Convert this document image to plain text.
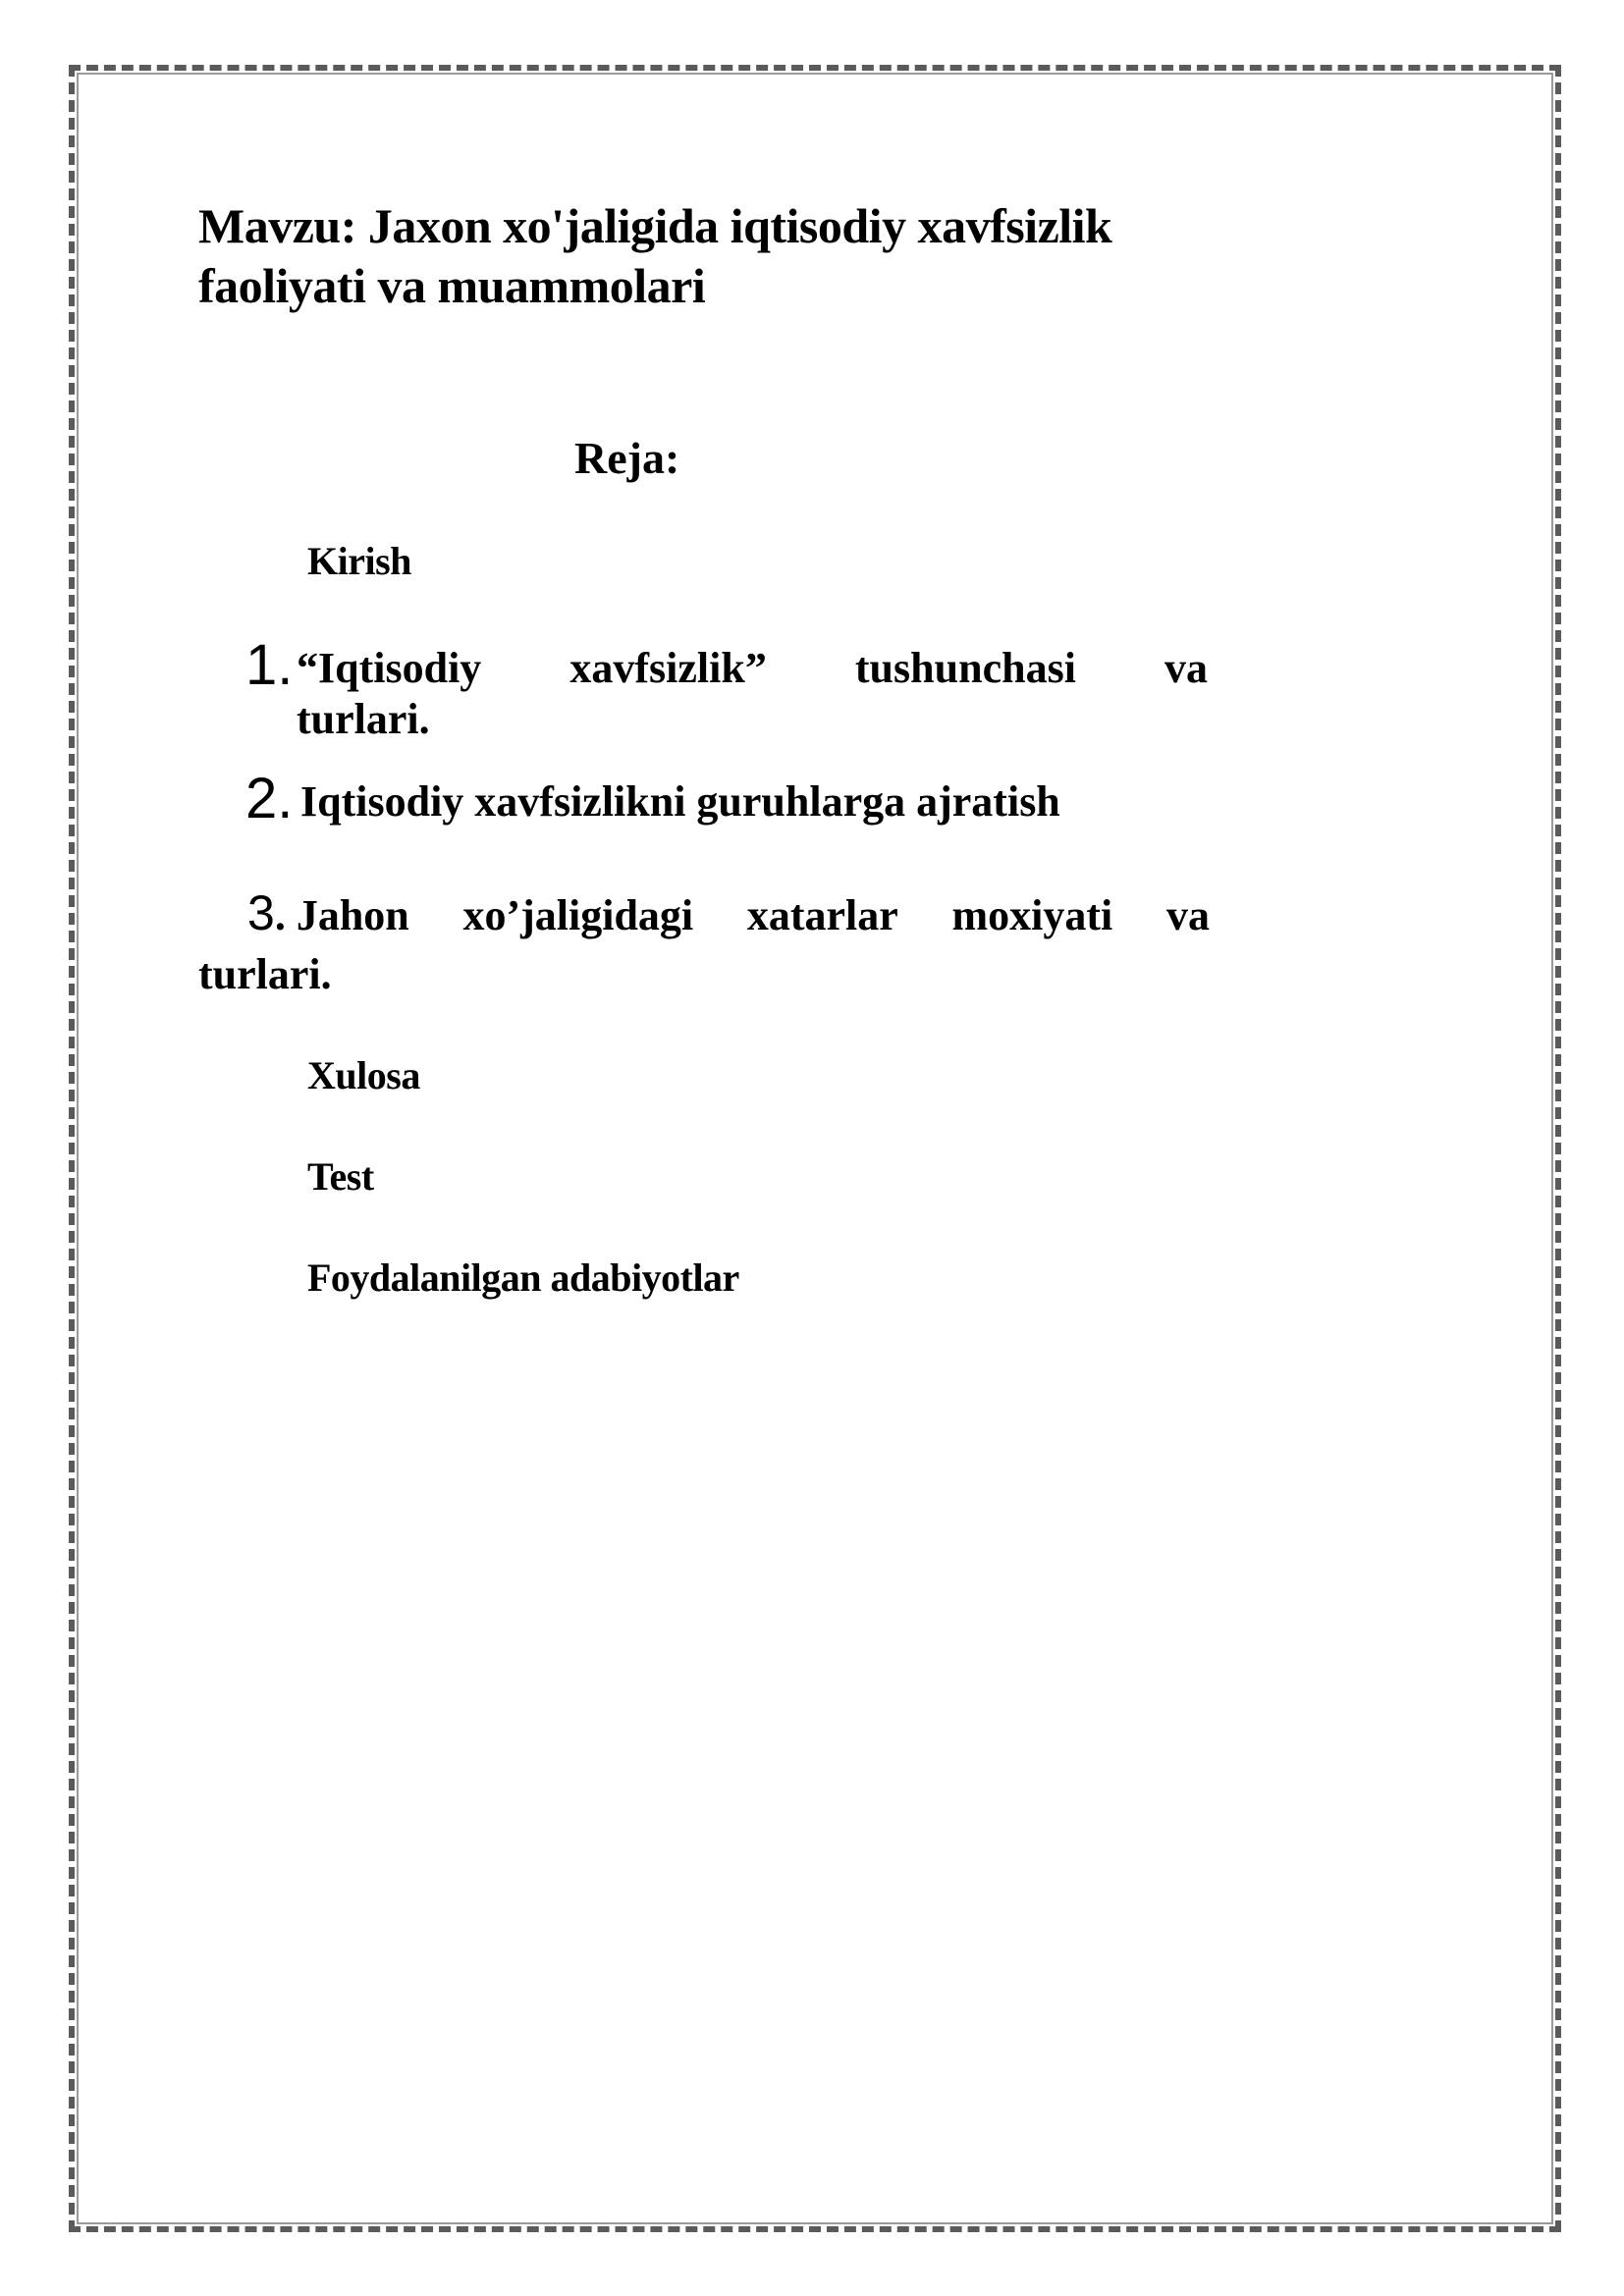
Mavzu: Jaxon xo'jaligida iqtisodiy xavfsizlik
faoliyati va muammolari

Reja:

Kirish

1.“Iqtisodiy xavfsizlik” tushunchasi va
turlari.
2. Iqtisodiy xavfsizlikni guruhlarga ajratish
3. Jahon xo’jaligidagi xatarlar moxiyati va
turlari.

Xulosa

Test

Foydalanilgan adabiyotlar
